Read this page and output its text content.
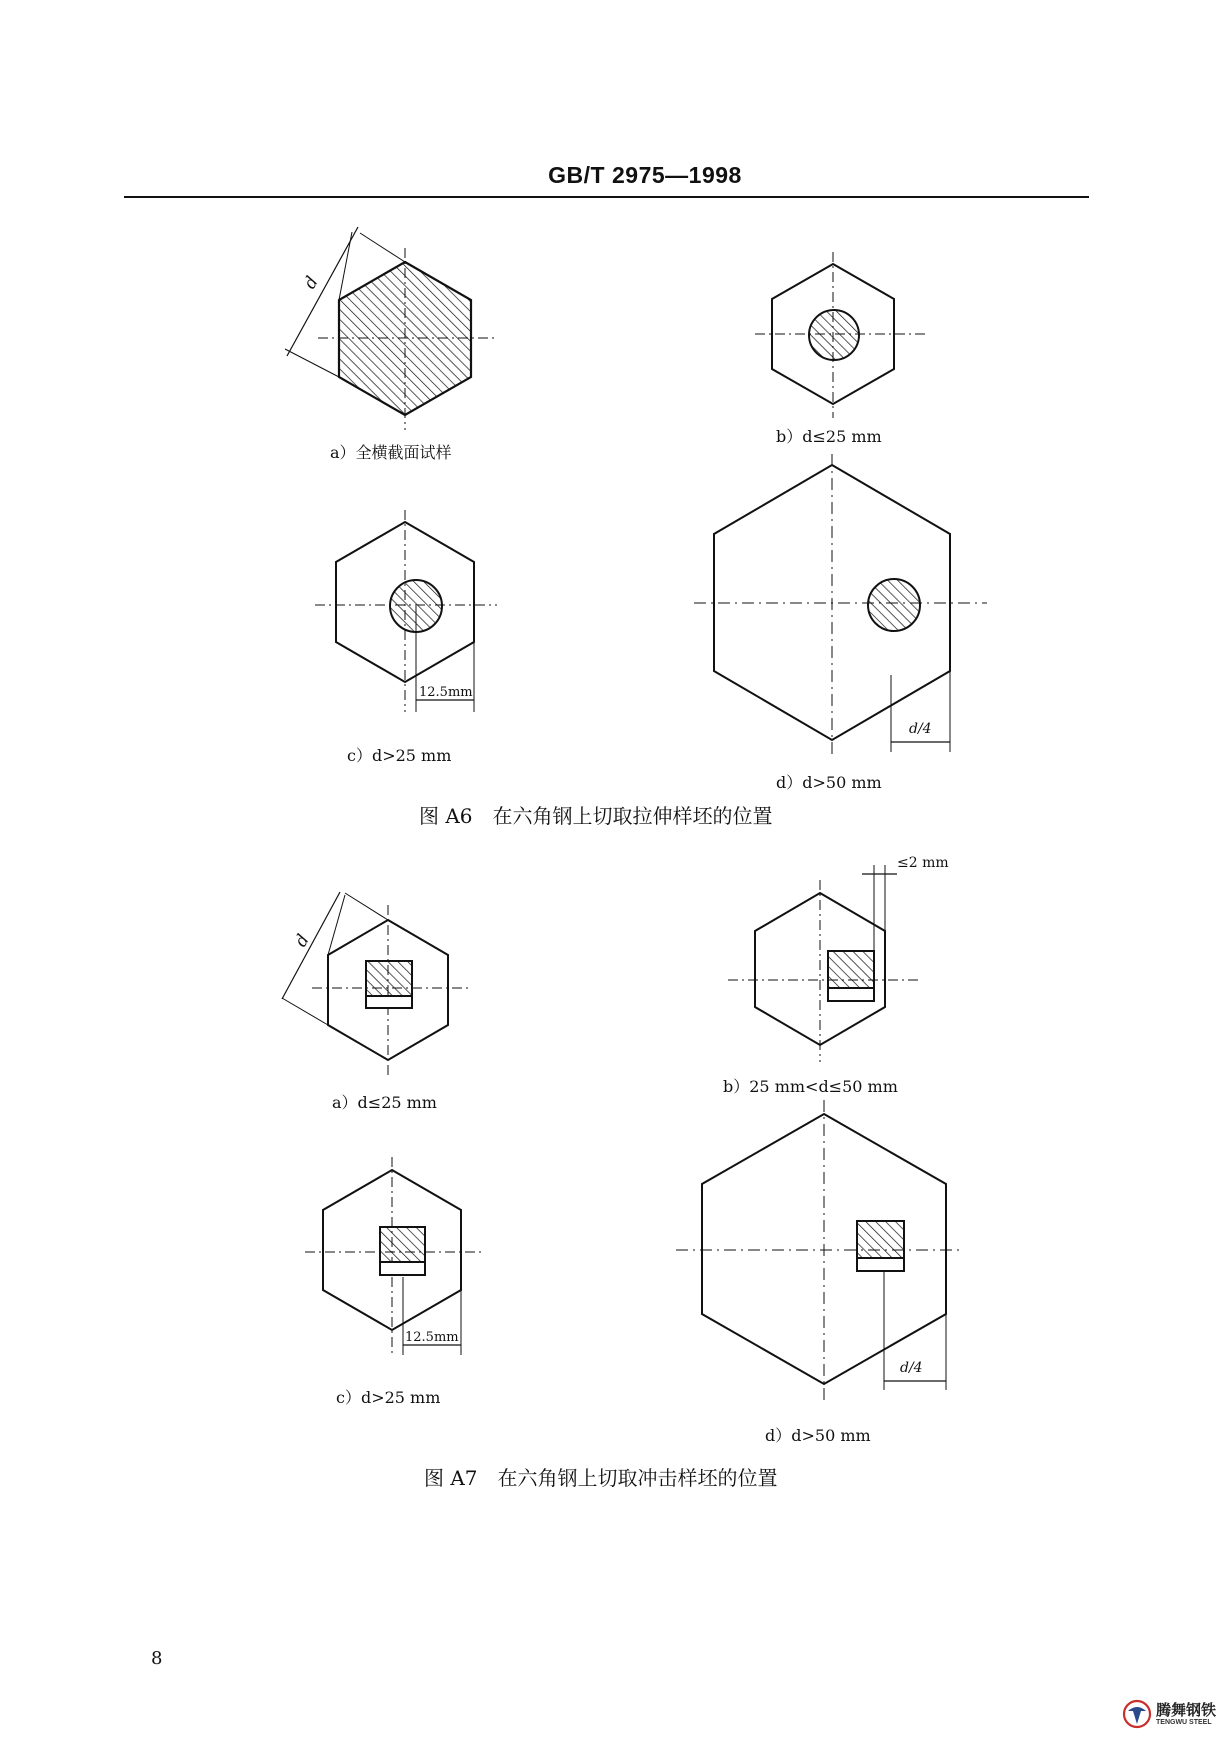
GB/T 2975—1998
d
12.5mm
d/4
d
≤2 mm
12.5mm
d/4
a）全横截面试样
b）d≤25 mm
c）d>25 mm
d）d>50 mm
图 A6　在六角钢上切取拉伸样坯的位置
a）d≤25 mm
b）25 mm<d≤50 mm
c）d>25 mm
d）d>50 mm
图 A7　在六角钢上切取冲击样坯的位置
8
腾舞钢铁
TENGWU STEEL
